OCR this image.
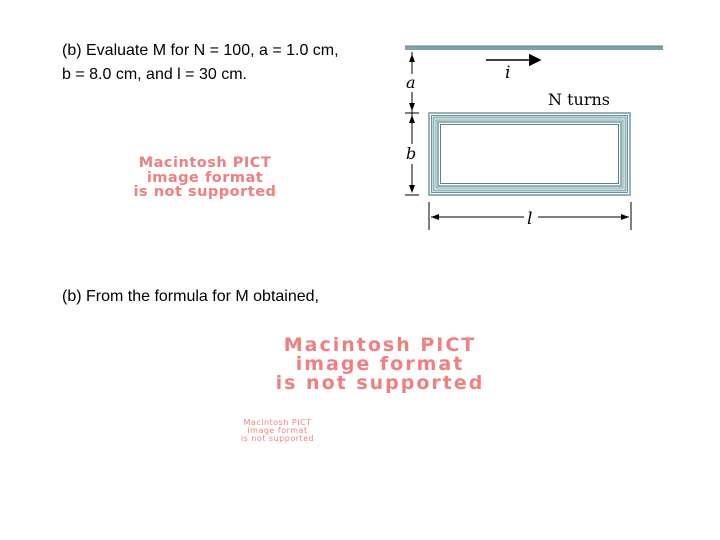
(b) Evaluate M for N = 100, a = 1.0 cm,
b = 8.0 cm, and l = 30 cm.
Macintosh PICT
image format
is not supported
(b) From the formula for M obtained,
Macintosh PICT
image format
is not supported
Macintosh PICT
image format
is not supported
i
N turns
a
b
l
